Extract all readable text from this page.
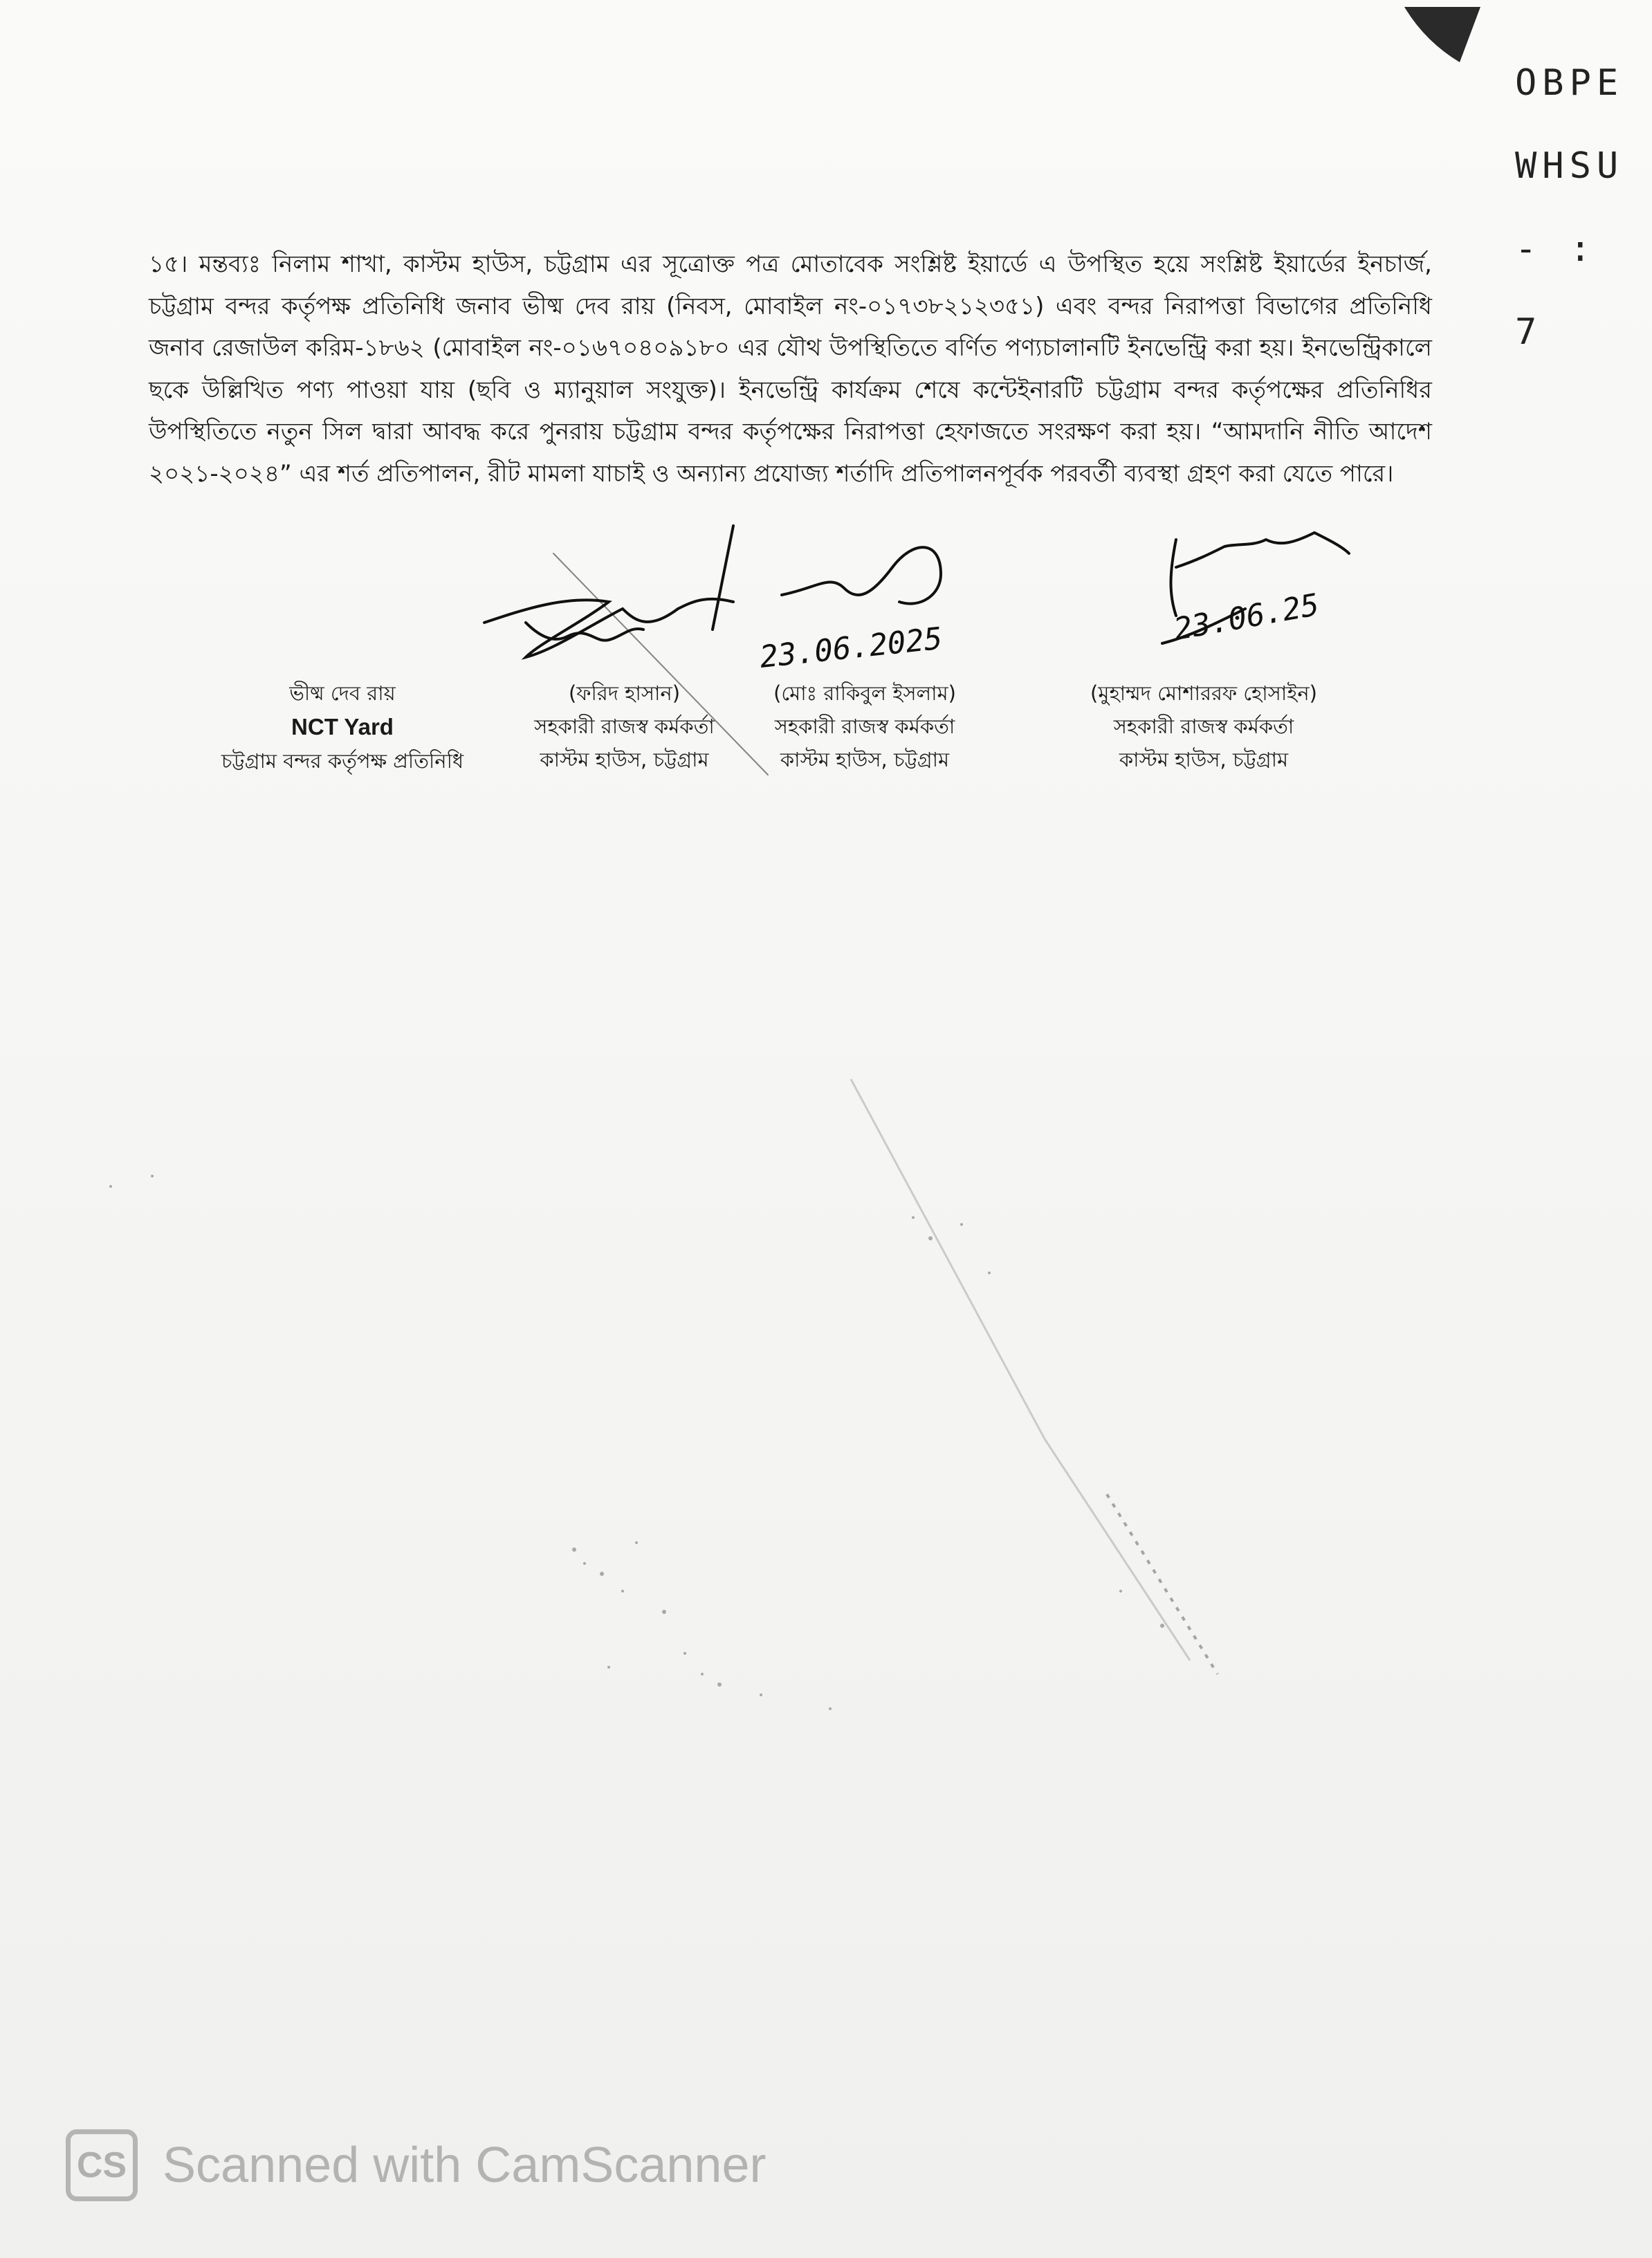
OBPE
WHSU
- :
7
১৫। মন্তব্যঃ নিলাম শাখা, কাস্টম হাউস, চট্টগ্রাম এর সূত্রোক্ত পত্র মোতাবেক সংশ্লিষ্ট ইয়ার্ডে এ উপস্থিত হয়ে সংশ্লিষ্ট ইয়ার্ডের ইনচার্জ, চট্টগ্রাম বন্দর কর্তৃপক্ষ প্রতিনিধি জনাব ভীষ্ম দেব রায় (নিবস, মোবাইল নং-০১৭৩৮২১২৩৫১) এবং বন্দর নিরাপত্তা বিভাগের প্রতিনিধি জনাব রেজাউল করিম-১৮৬২ (মোবাইল নং-০১৬৭০৪০৯১৮০ এর যৌথ উপস্থিতিতে বর্ণিত পণ্যচালানটি ইনভেন্ট্রি করা হয়। ইনভেন্ট্রিকালে ছকে উল্লিখিত পণ্য পাওয়া যায় (ছবি ও ম্যানুয়াল সংযুক্ত)। ইনভেন্ট্রি কার্যক্রম শেষে কন্টেইনারটি চট্টগ্রাম বন্দর কর্তৃপক্ষের প্রতিনিধির উপস্থিতিতে নতুন সিল দ্বারা আবদ্ধ করে পুনরায় চট্টগ্রাম বন্দর কর্তৃপক্ষের নিরাপত্তা হেফাজতে সংরক্ষণ করা হয়। “আমদানি নীতি আদেশ ২০২১-২০২৪” এর শর্ত প্রতিপালন, রীট মামলা যাচাই ও অন্যান্য প্রযোজ্য শর্তাদি প্রতিপালনপূর্বক পরবর্তী ব্যবস্থা গ্রহণ করা যেতে পারে।
23.06.2025
23.06.25
ভীষ্ম দেব রায়
NCT Yard
চট্টগ্রাম বন্দর কর্তৃপক্ষ প্রতিনিধি
(ফরিদ হাসান)
সহকারী রাজস্ব কর্মকর্তা
কাস্টম হাউস, চট্টগ্রাম
(মোঃ রাকিবুল ইসলাম)
সহকারী রাজস্ব কর্মকর্তা
কাস্টম হাউস, চট্টগ্রাম
(মুহাম্মদ মোশাররফ হোসাইন)
সহকারী রাজস্ব কর্মকর্তা
কাস্টম হাউস, চট্টগ্রাম
CS Scanned with CamScanner
